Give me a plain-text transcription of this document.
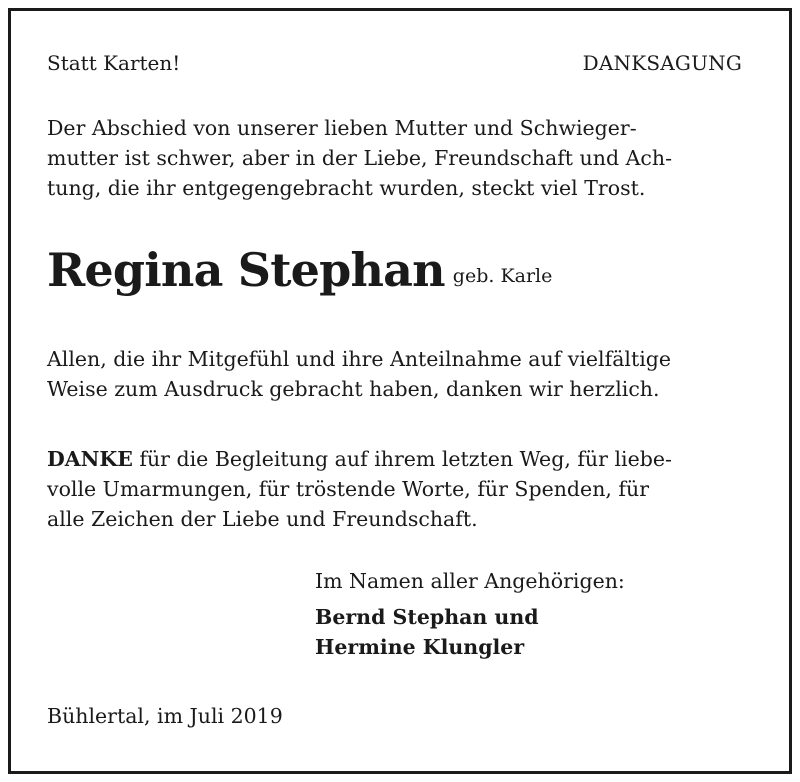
Statt Karten!	DANKSAGUNG
Der Abschied von unserer lieben Mutter und Schwieger-
mutter ist schwer, aber in der Liebe, Freundschaft und Ach-
tung, die ihr entgegengebracht wurden, steckt viel Trost.
Regina Stephan geb. Karle
Allen, die ihr Mitgefühl und ihre Anteilnahme auf vielfältige
Weise zum Ausdruck gebracht haben, danken wir herzlich.
DANKE für die Begleitung auf ihrem letzten Weg, für liebe-
volle Umarmungen, für tröstende Worte, für Spenden, für
alle Zeichen der Liebe und Freundschaft.
Im Namen aller Angehörigen:
Bernd Stephan und
Hermine Klungler
Bühlertal, im Juli 2019
